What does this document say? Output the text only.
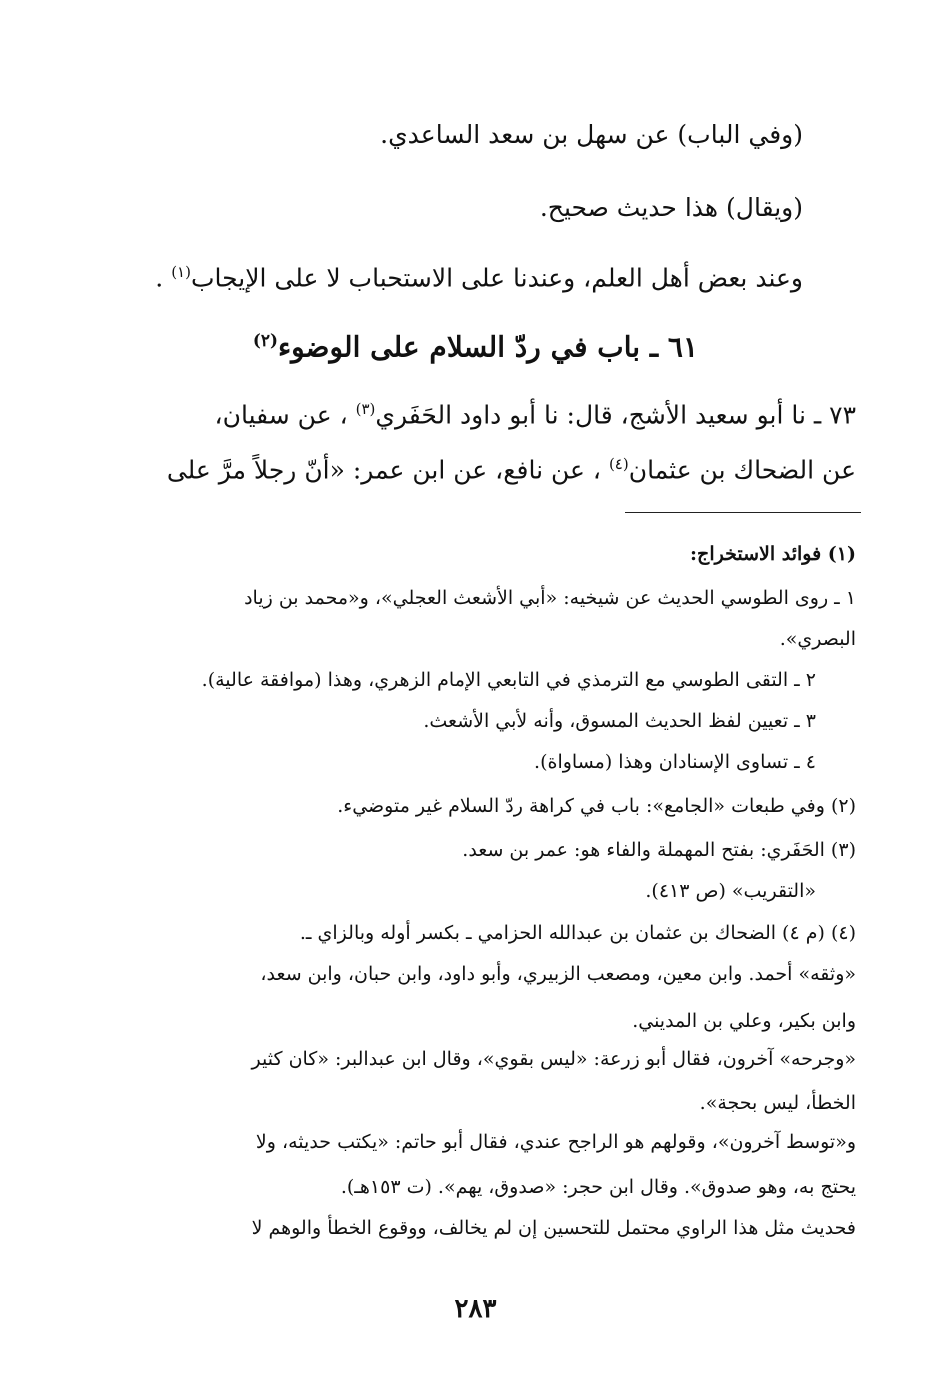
(وفي الباب) عن سهل بن سعد الساعدي.
(ويقال) هذا حديث صحيح.
وعند بعض أهل العلم، وعندنا على الاستحباب لا على الإيجاب$^{(١)}$ .
٦١ ـ باب في ردّ السلام على الوضوء$^{(٢)}$
٧٣ ـ نا أبو سعيد الأشج، قال: نا أبو داود الحَفَري$^{(٣)}$ ، عن سفيان،
عن الضحاك بن عثمان$^{(٤)}$ ، عن نافع، عن ابن عمر: «أنّ رجلاً مرَّ على
(١) فوائد الاستخراج:
١ ـ روى الطوسي الحديث عن شيخيه: «أبي الأشعث العجلي»، و«محمد بن زياد
البصري».
٢ ـ التقى الطوسي مع الترمذي في التابعي الإمام الزهري، وهذا (موافقة عالية).
٣ ـ تعيين لفظ الحديث المسوق، وأنه لأبي الأشعث.
٤ ـ تساوى الإسنادان وهذا (مساواة).
(٢) وفي طبعات «الجامع»: باب في كراهة ردّ السلام غير متوضيء.
(٣) الحَفَري: بفتح المهملة والفاء هو: عمر بن سعد.
«التقريب» (ص ٤١٣).
(٤) (م ٤) الضحاك بن عثمان بن عبدالله الحزامي ـ بكسر أوله وبالزاي ـ.
«وثقه» أحمد. وابن معين، ومصعب الزبيري، وأبو داود، وابن حبان، وابن سعد،
وابن بكير، وعلي بن المديني.
«وجرحه» آخرون، فقال أبو زرعة: «ليس بقوي»، وقال ابن عبدالبر: «كان كثير
الخطأ، ليس بحجة».
و«توسط آخرون»، وقولهم هو الراجح عندي، فقال أبو حاتم: «يكتب حديثه، ولا
يحتج به، وهو صدوق». وقال ابن حجر: «صدوق، يهم». (ت ١٥٣هـ).
فحديث مثل هذا الراوي محتمل للتحسين إن لم يخالف، ووقوع الخطأ والوهم لا
٢٨٣
